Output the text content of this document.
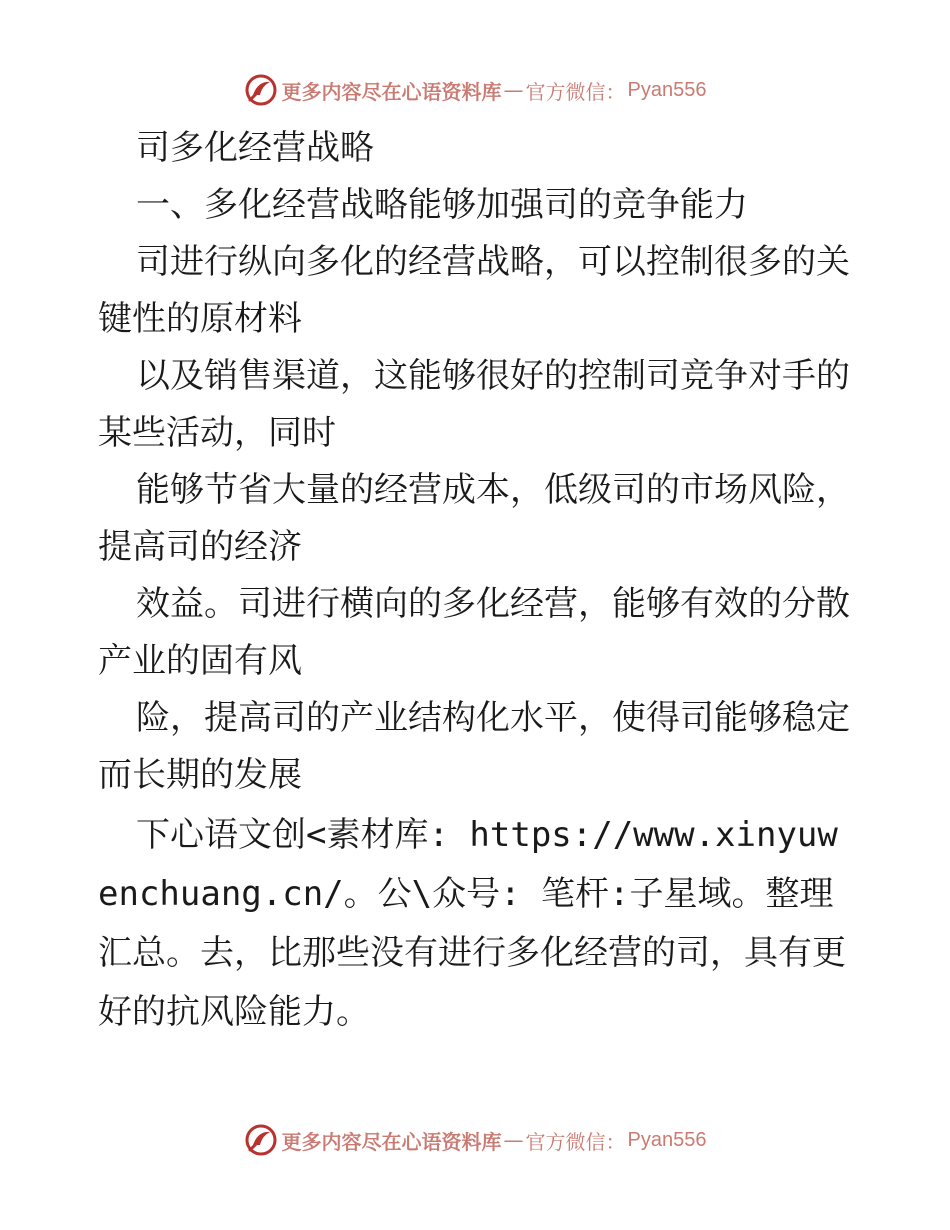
更多内容尽在心语资料库 — 官方微信： Pyan556
司多化经营战略
一、多化经营战略能够加强司的竞争能力
司进行纵向多化的经营战略，可以控制很多的关键性的原材料
以及销售渠道，这能够很好的控制司竞争对手的某些活动，同时
能够节省大量的经营成本，低级司的市场风险，提高司的经济
效益。司进行横向的多化经营，能够有效的分散产业的固有风
险，提高司的产业结构化水平，使得司能够稳定而长期的发展
下心语文创<素材库: https://www.xinyuwenchuang.cn/。公\众号: 笔杆:子星域。整理汇总。去，比那些没有进行多化经营的司，具有更好的抗风险能力。
更多内容尽在心语资料库 — 官方微信： Pyan556
